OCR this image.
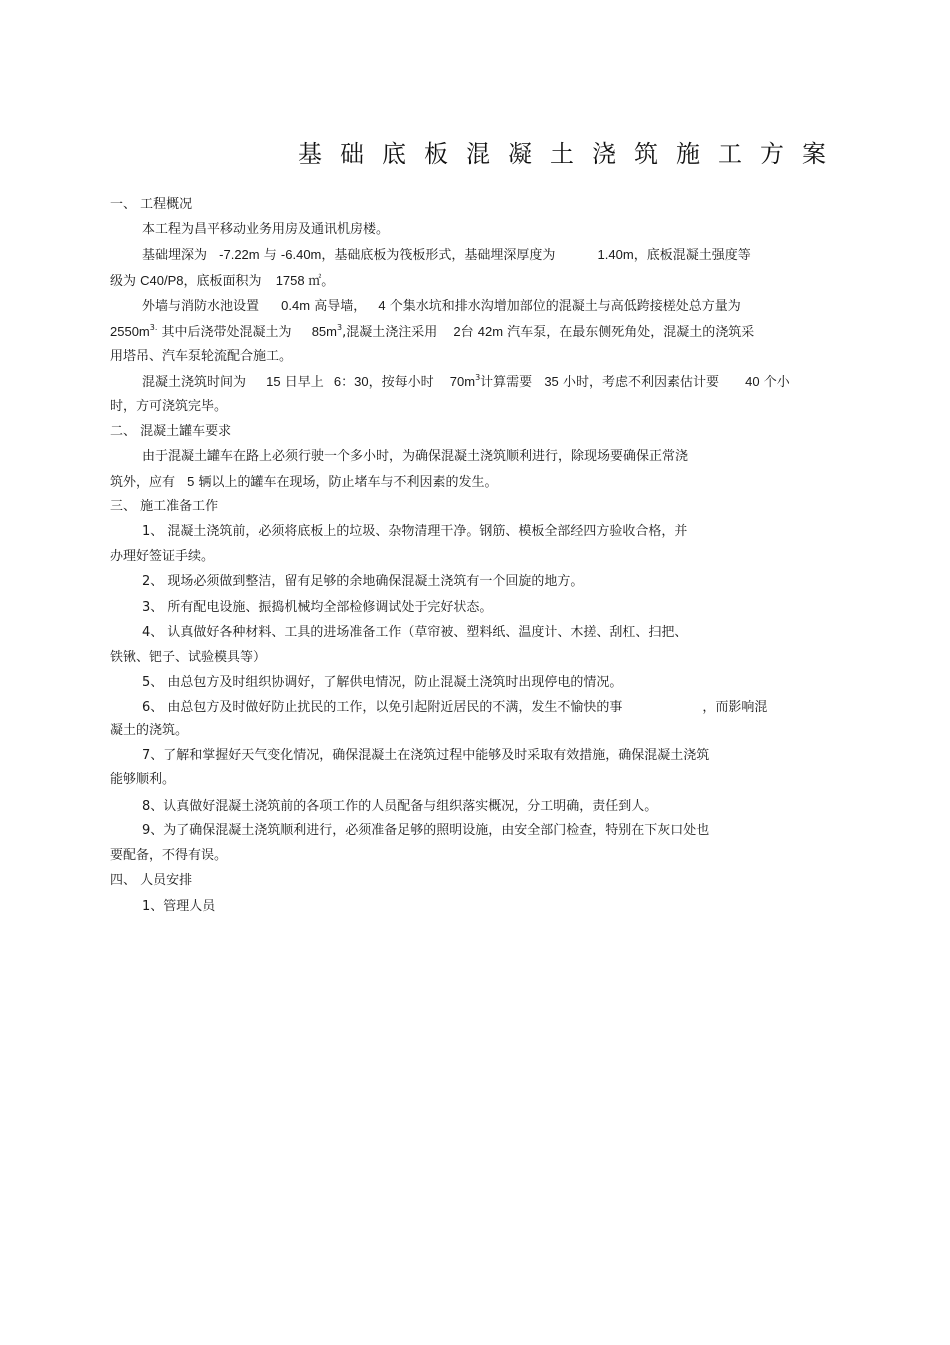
基础底板混凝土浇筑施工方案
一、 工程概况
本工程为昌平移动业务用房及通讯机房楼。
基础埋深为 -7.22m 与 -6.40m，基础底板为筏板形式，基础埋深厚度为	1.40m，底板混凝土强度等
级为 C40/P8，底板面积为 1758 ㎡。
外墙与消防水池设置 0.4m 高导墙， 4 个集水坑和排水沟增加部位的混凝土与高低跨接槎处总方量为
$2550m^{3.}$ 其中后浇带处混凝土为 $85m^3$,混凝土浇注采用 2台 42m 汽车泵，在最东侧死角处，混凝土的浇筑采
用塔吊、汽车泵轮流配合施工。
混凝土浇筑时间为 15 日早上 6：30，按每小时 $70m^3$计算需要 35 小时，考虑不利因素估计要 40 个小
时，方可浇筑完毕。
二、 混凝土罐车要求
由于混凝土罐车在路上必须行驶一个多小时，为确保混凝土浇筑顺利进行，除现场要确保正常浇
筑外，应有 5 辆以上的罐车在现场，防止堵车与不利因素的发生。
三、 施工准备工作
1、 混凝土浇筑前，必须将底板上的垃圾、杂物清理干净。钢筋、模板全部经四方验收合格，并
办理好签证手续。
2、 现场必须做到整洁，留有足够的余地确保混凝土浇筑有一个回旋的地方。
3、 所有配电设施、振捣机械均全部检修调试处于完好状态。
4、 认真做好各种材料、工具的进场准备工作（草帘被、塑料纸、温度计、木搓、刮杠、扫把、
铁锹、钯子、试验模具等）
5、 由总包方及时组织协调好，了解供电情况，防止混凝土浇筑时出现停电的情况。
6、 由总包方及时做好防止扰民的工作，以免引起附近居民的不满，发生不愉快的事	，而影响混
凝土的浇筑。
7、了解和掌握好天气变化情况，确保混凝土在浇筑过程中能够及时采取有效措施，确保混凝土浇筑
能够顺利。
8、认真做好混凝土浇筑前的各项工作的人员配备与组织落实概况，分工明确，责任到人。
9、为了确保混凝土浇筑顺利进行，必须准备足够的照明设施，由安全部门检查，特别在下灰口处也
要配备，不得有误。
四、 人员安排
1、管理人员
